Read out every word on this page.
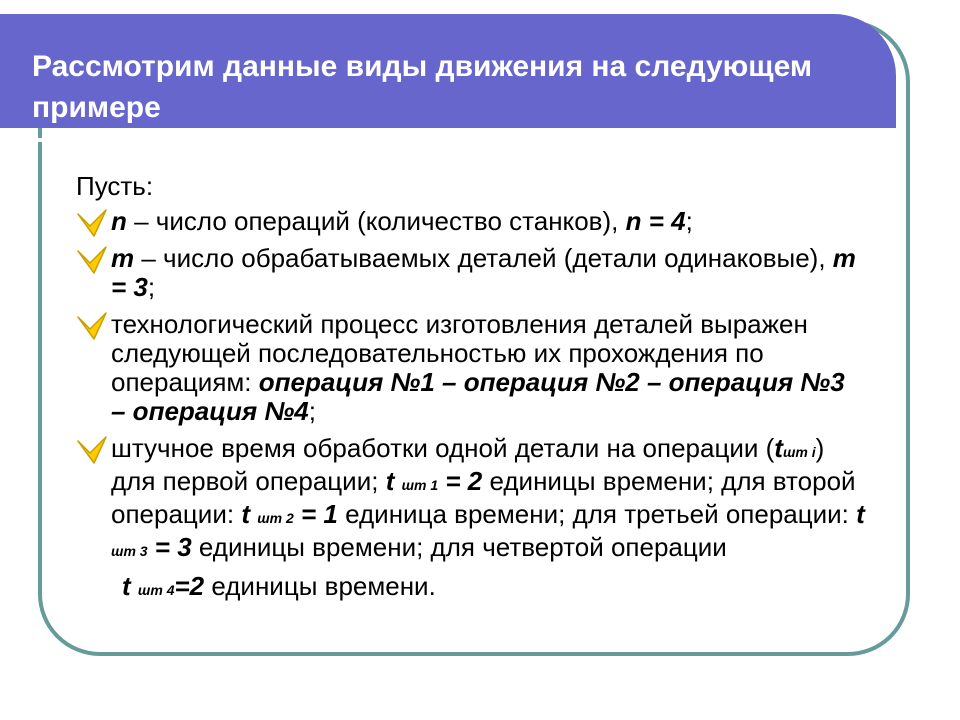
Рассмотрим данные виды движения на следующем примере

Пусть:

n – число операций (количество станков), n = 4;
m – число обрабатываемых деталей (детали одинаковые), m = 3;
технологический процесс изготовления деталей выражен следующей последовательностью их прохождения по операциям: операция №1 – операция №2 – операция №3 – операция №4;
штучное время обработки одной детали на операции (tшт i) для первой операции; t шт 1 = 2 единицы времени; для второй операции: t шт 2 = 1 единица времени; для третьей операции: t шт 3 = 3 единицы времени; для четвертой операции
t шт 4=2 единицы времени.
